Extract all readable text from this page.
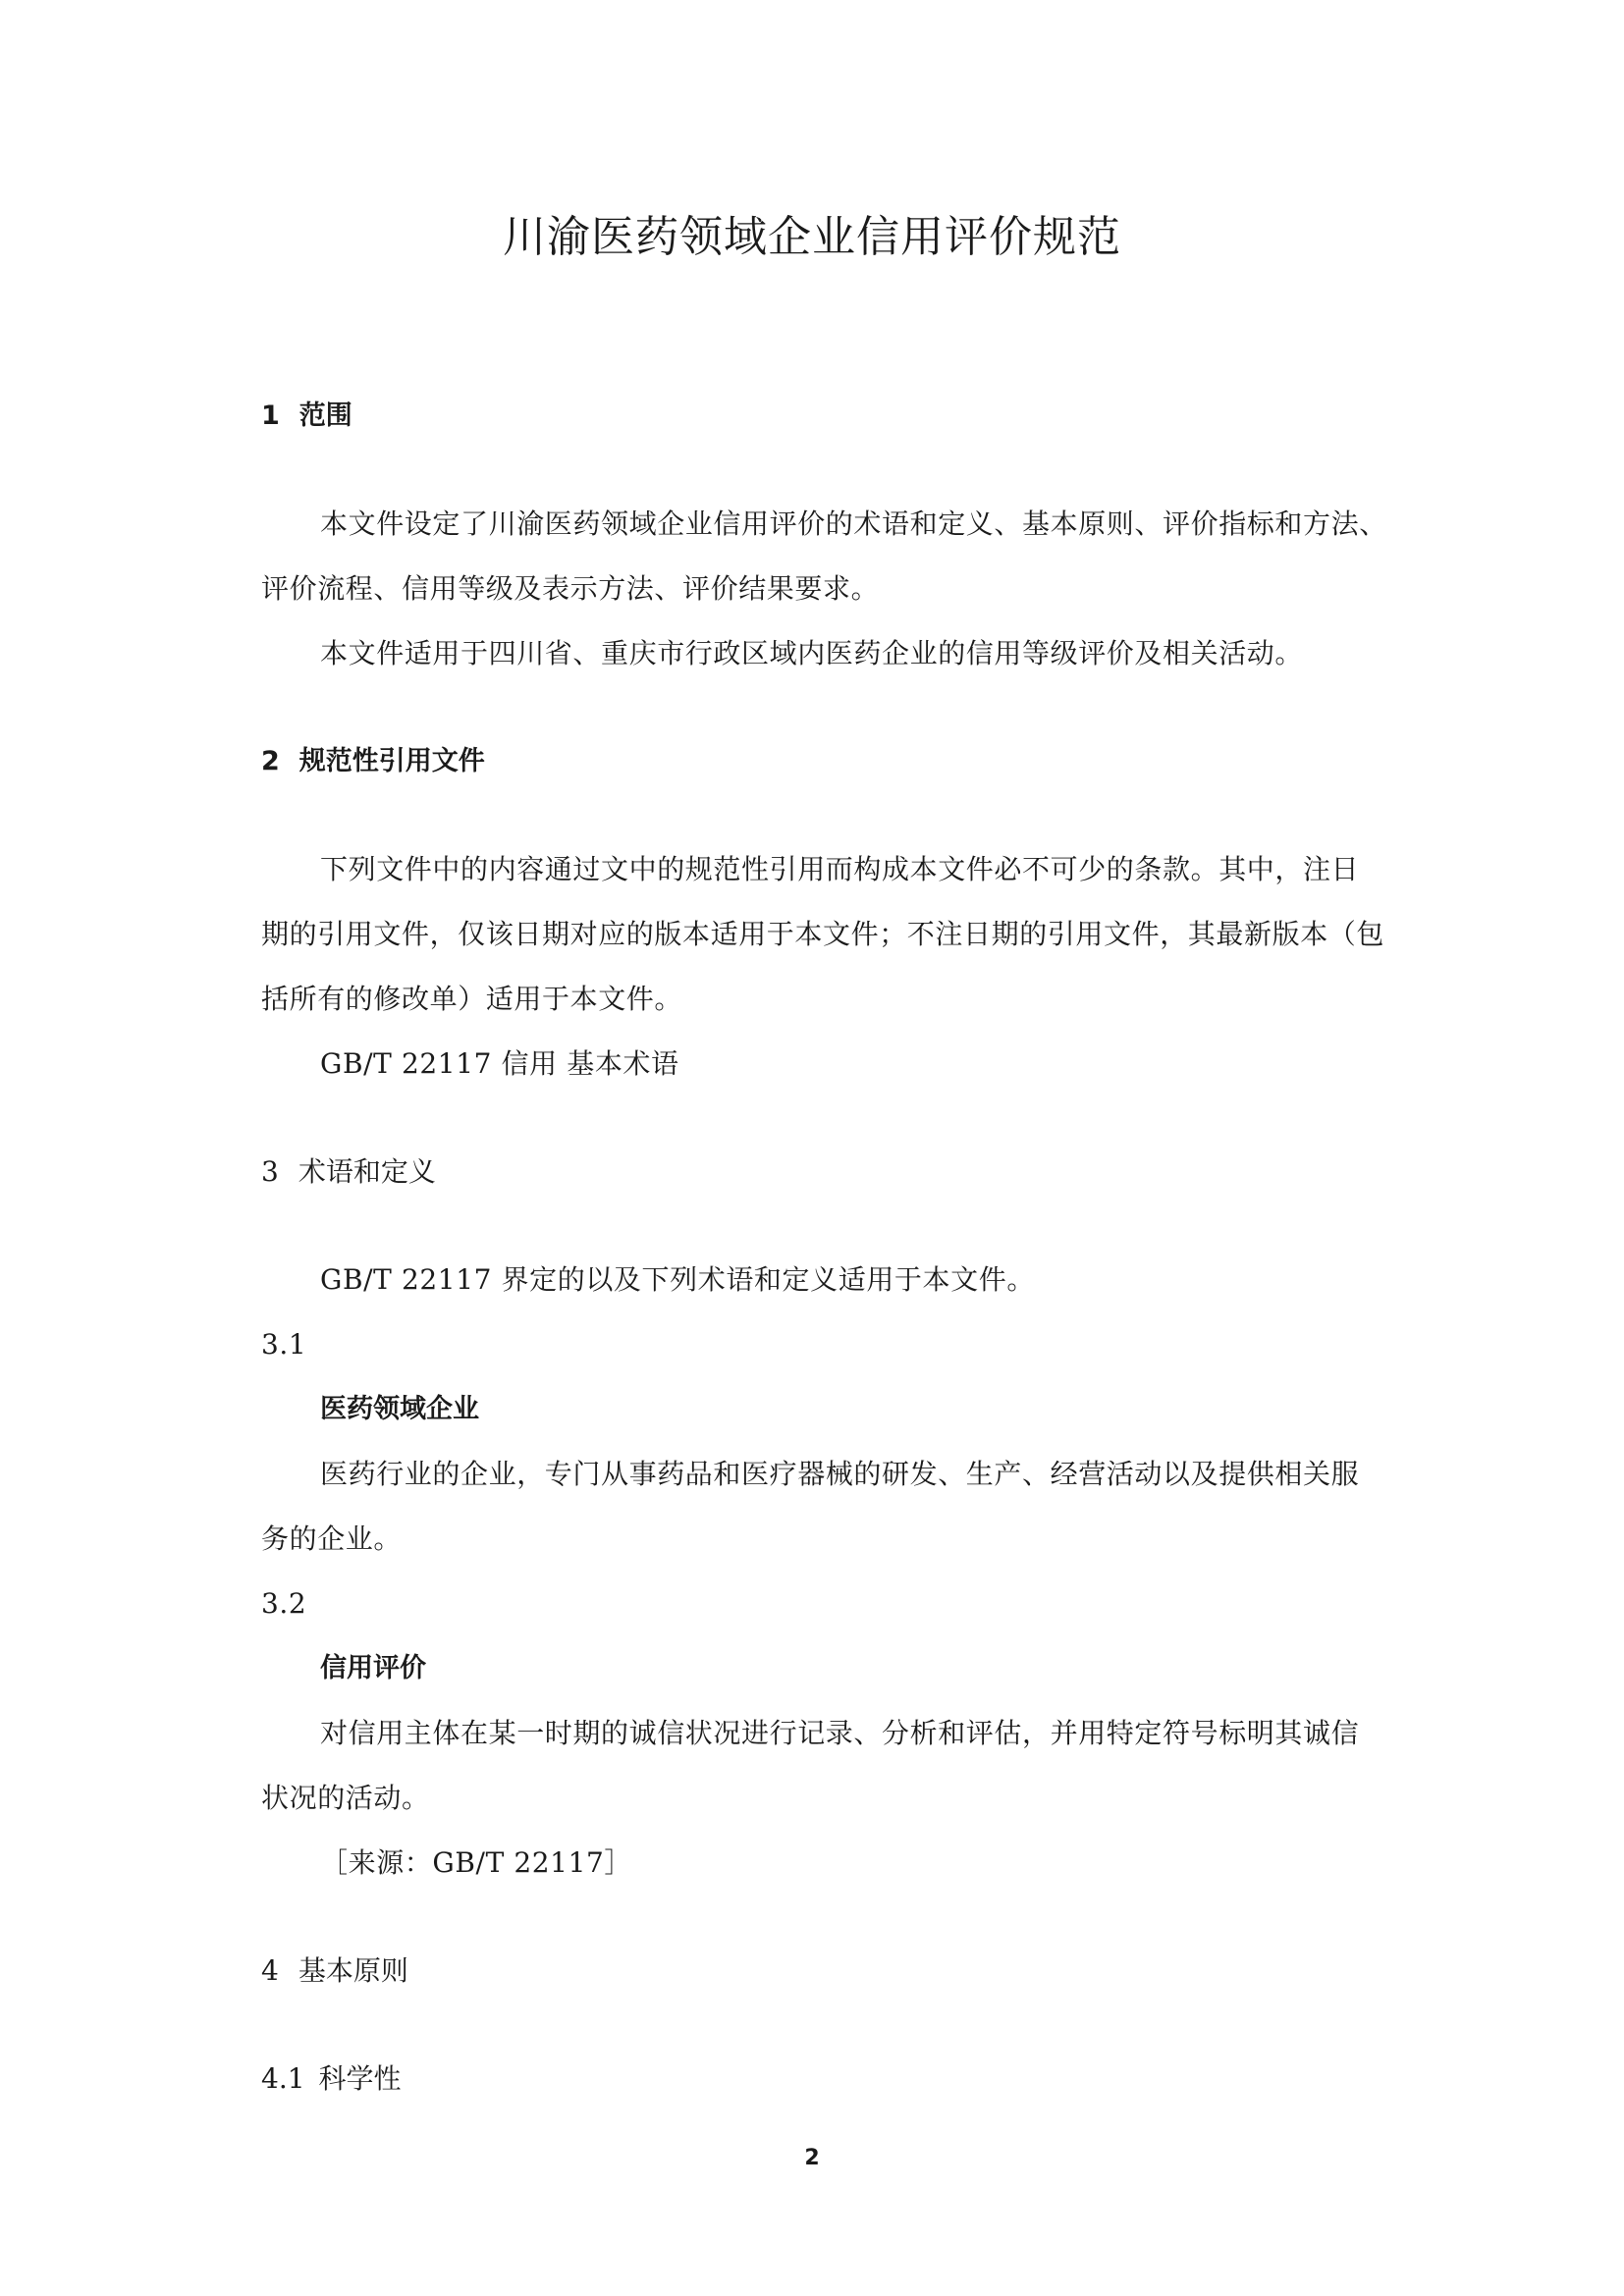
川渝医药领域企业信用评价规范
1 范围
本文件设定了川渝医药领域企业信用评价的术语和定义、基本原则、评价指标和方法、
评价流程、信用等级及表示方法、评价结果要求。
本文件适用于四川省、重庆市行政区域内医药企业的信用等级评价及相关活动。
2 规范性引用文件
下列文件中的内容通过文中的规范性引用而构成本文件必不可少的条款。其中，注日
期的引用文件，仅该日期对应的版本适用于本文件；不注日期的引用文件，其最新版本（包
括所有的修改单）适用于本文件。
GB/T 22117 信用 基本术语
3 术语和定义
GB/T 22117 界定的以及下列术语和定义适用于本文件。
3.1
医药领域企业
医药行业的企业，专门从事药品和医疗器械的研发、生产、经营活动以及提供相关服
务的企业。
3.2
信用评价
对信用主体在某一时期的诚信状况进行记录、分析和评估，并用特定符号标明其诚信
状况的活动。
［来源：GB/T 22117］
4 基本原则
4.1 科学性
2
